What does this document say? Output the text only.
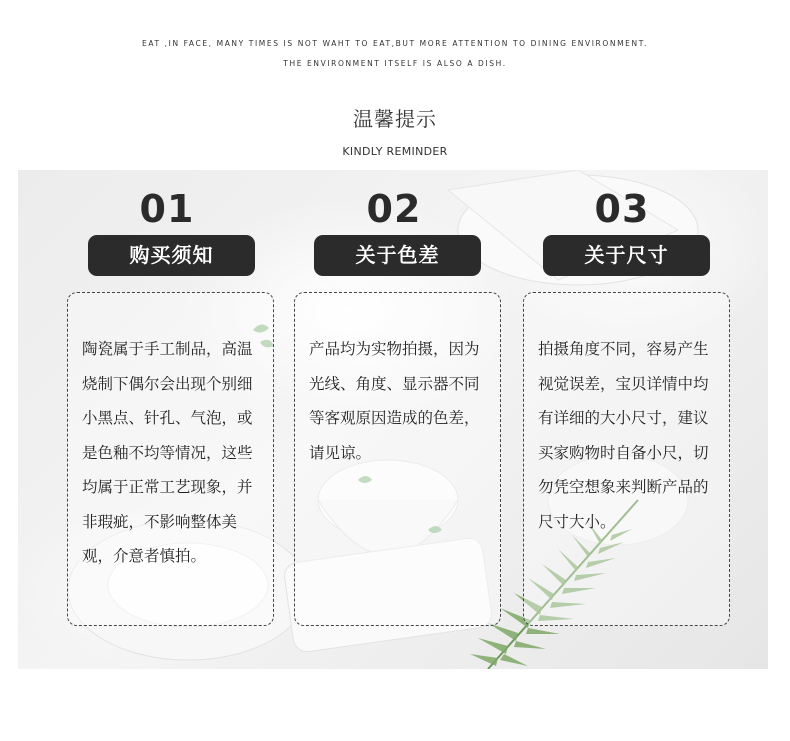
EAT ,IN FACE, MANY TIMES IS NOT WAHT TO EAT,BUT MORE ATTENTION TO DINING ENVIRONMENT.
THE ENVIRONMENT ITSELF IS ALSO A DISH.
温馨提示
KINDLY REMINDER
01
购买须知

陶瓷属于手工制品，高温烧制下偶尔会出现个别细小黑点、针孔、气泡，或是色釉不均等情况，这些均属于正常工艺现象，并非瑕疵，不影响整体美观，介意者慎拍。

02
关于色差

产品均为实物拍摄，因为光线、角度、显示器不同等客观原因造成的色差，请见谅。

03
关于尺寸

拍摄角度不同，容易产生视觉误差，宝贝详情中均有详细的大小尺寸，建议买家购物时自备小尺，切勿凭空想象来判断产品的尺寸大小。
